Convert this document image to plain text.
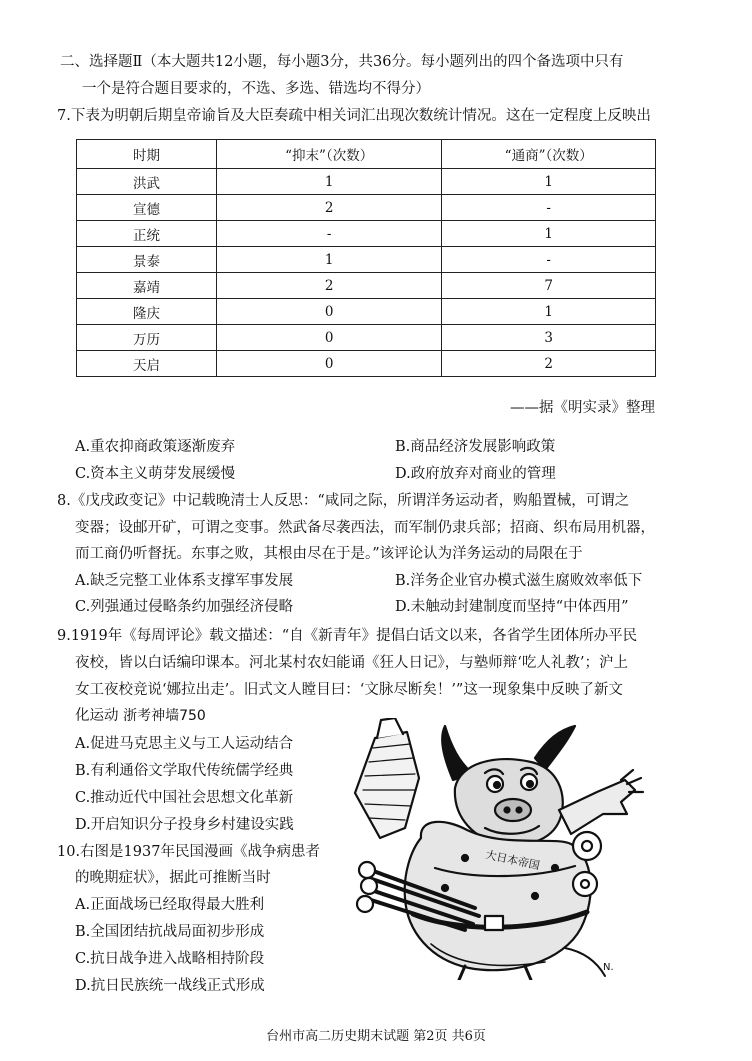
二、选择题Ⅱ（本大题共12小题，每小题3分，共36分。每小题列出的四个备选项中只有
一个是符合题目要求的，不选、多选、错选均不得分）
7.下表为明朝后期皇帝谕旨及大臣奏疏中相关词汇出现次数统计情况。这在一定程度上反映出
时期	“抑末”（次数）	“通商”（次数）
洪武	1	1
宣德	2	-
正统	-	1
景泰	1	-
嘉靖	2	7
隆庆	0	1
万历	0	3
天启	0	2
——据《明实录》整理
A.重农抑商政策逐渐废弃	B.商品经济发展影响政策
C.资本主义萌芽发展缓慢	D.政府放弃对商业的管理
8.《戊戌政变记》中记载晚清士人反思：“咸同之际，所谓洋务运动者，购船置械，可谓之
变器；设邮开矿，可谓之变事。然武备尽袭西法，而军制仍隶兵部；招商、织布局用机器，
而工商仍听督抚。东事之败，其根由尽在于是。”该评论认为洋务运动的局限在于
A.缺乏完整工业体系支撑军事发展	B.洋务企业官办模式滋生腐败效率低下
C.列强通过侵略条约加强经济侵略	D.未触动封建制度而坚持“中体西用”
9.1919年《每周评论》载文描述：“自《新青年》提倡白话文以来，各省学生团体所办平民
夜校，皆以白话编印课本。河北某村农妇能诵《狂人日记》，与塾师辩‘吃人礼教’；沪上
女工夜校竞说‘娜拉出走’。旧式文人瞠目曰：‘文脉尽断矣！’”这一现象集中反映了新文
化运动 浙考神墙750
A.促进马克思主义与工人运动结合
B.有利通俗文学取代传统儒学经典
C.推动近代中国社会思想文化革新
D.开启知识分子投身乡村建设实践
10.右图是1937年民国漫画《战争病患者
的晚期症状》，据此可推断当时
A.正面战场已经取得最大胜利
B.全国团结抗战局面初步形成
C.抗日战争进入战略相持阶段
D.抗日民族统一战线正式形成
大日本帝国
N.
台州市高二历史期末试题 第2页 共6页
